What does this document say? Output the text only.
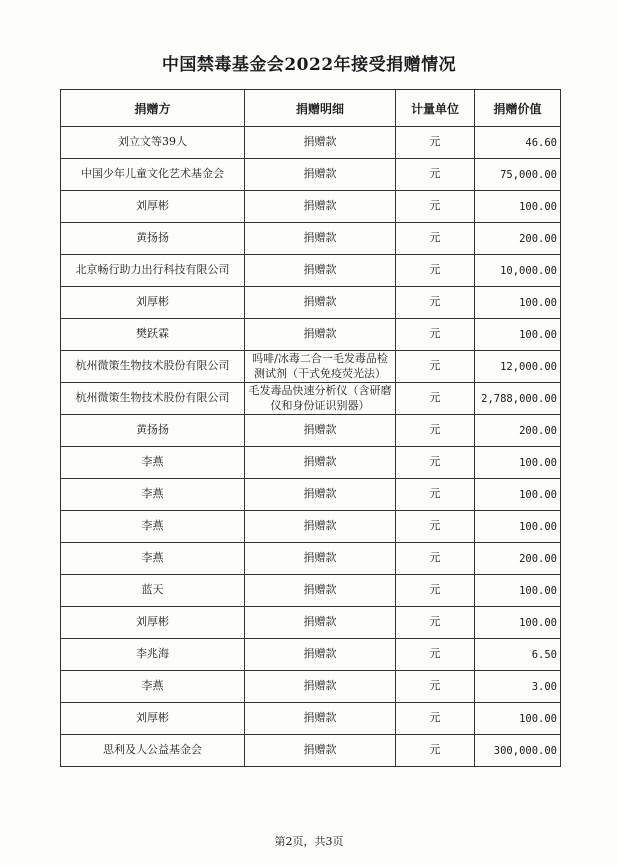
中国禁毒基金会2022年接受捐赠情况
捐赠方	捐赠明细	计量单位	捐赠价值
刘立文等39人	捐赠款	元	46.60
中国少年儿童文化艺术基金会	捐赠款	元	75,000.00
刘厚彬	捐赠款	元	100.00
黄扬扬	捐赠款	元	200.00
北京畅行助力出行科技有限公司	捐赠款	元	10,000.00
刘厚彬	捐赠款	元	100.00
樊跃霖	捐赠款	元	100.00
杭州微策生物技术股份有限公司	吗啡/冰毒二合一毛发毒品检测试剂（干式免疫荧光法）	元	12,000.00
杭州微策生物技术股份有限公司	毛发毒品快速分析仪（含研磨仪和身份证识别器）	元	2,788,000.00
黄扬扬	捐赠款	元	200.00
李燕	捐赠款	元	100.00
李燕	捐赠款	元	100.00
李燕	捐赠款	元	100.00
李燕	捐赠款	元	200.00
蓝天	捐赠款	元	100.00
刘厚彬	捐赠款	元	100.00
李兆海	捐赠款	元	6.50
李燕	捐赠款	元	3.00
刘厚彬	捐赠款	元	100.00
思利及人公益基金会	捐赠款	元	300,000.00
第2页，共3页
